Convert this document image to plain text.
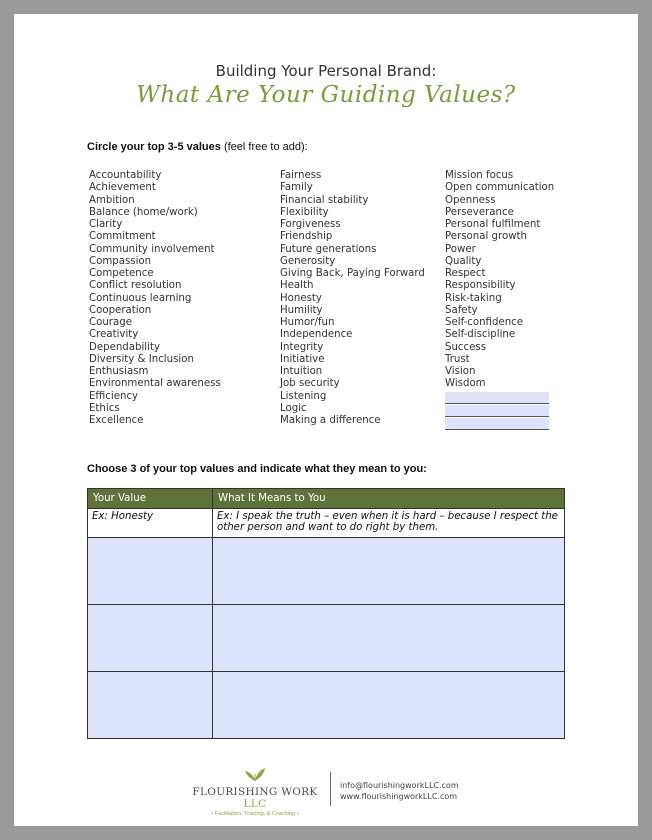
Building Your Personal Brand:
What Are Your Guiding Values?
Circle your top 3-5 values (feel free to add):
Accountability
Achievement
Ambition
Balance (home/work)
Clarity
Commitment
Community involvement
Compassion
Competence
Conflict resolution
Continuous learning
Cooperation
Courage
Creativity
Dependability
Diversity & Inclusion
Enthusiasm
Environmental awareness
Efficiency
Ethics
Excellence
Fairness
Family
Financial stability
Flexibility
Forgiveness
Friendship
Future generations
Generosity
Giving Back, Paying Forward
Health
Honesty
Humility
Humor/fun
Independence
Integrity
Initiative
Intuition
Job security
Listening
Logic
Making a difference
Mission focus
Open communication
Openness
Perseverance
Personal fulfilment
Personal growth
Power
Quality
Respect
Responsibility
Risk-taking
Safety
Self-confidence
Self-discipline
Success
Trust
Vision
Wisdom
Choose 3 of your top values and indicate what they mean to you:
Your Value	What It Means to You
Ex: Honesty	Ex: I speak the truth – even when it is hard – because I respect the other person and want to do right by them.

FLOURISHING WORK LLC
• Facilitation, Training, & Coaching •
info@flourishingworkLLC.com
www.flourishingworkLLC.com
